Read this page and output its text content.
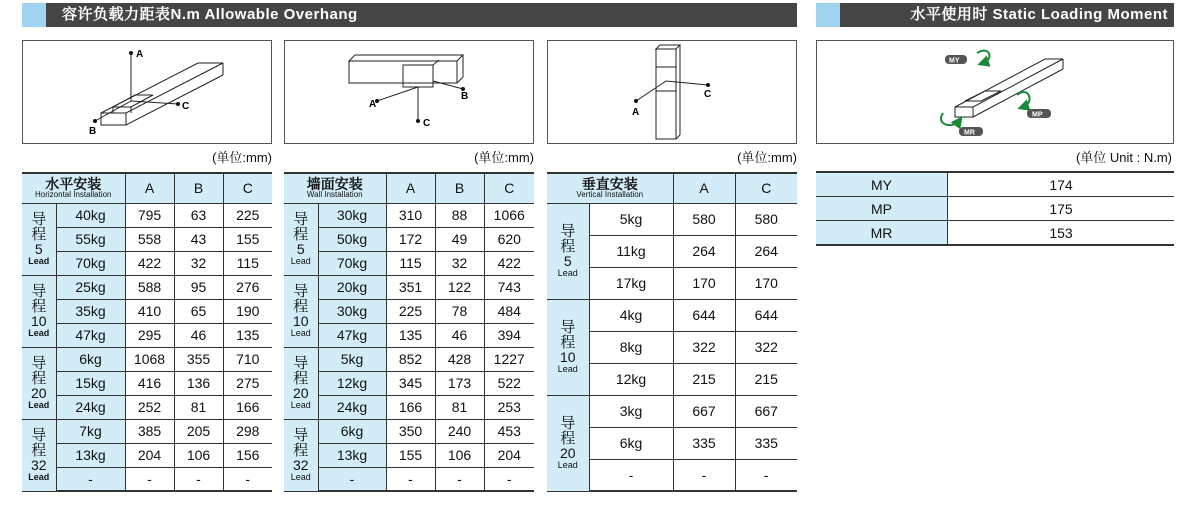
容许负载力距表N.m Allowable Overhang	水平使用时 Static Loading Moment
A
C
B
(单位:mm)
A
C
B
(单位:mm)
C
A
(单位:mm)
MY
MP
MR
(单位 Unit : N.m)
水平安装
Horizontal Installation		A	B	C

导
程
5
Lead	40kg	795	63	225
	55kg	558	43	155
	70kg	422	32	115

导
程
10
Lead	25kg	588	95	276
	35kg	410	65	190
	47kg	295	46	135

导
程
20
Lead	6kg	1068	355	710
	15kg	416	136	275
	24kg	252	81	166

导
程
32
Lead	7kg	385	205	298
	13kg	204	106	156
	-	-	-	-
墙面安装
Wall Installation		A	B	C

导
程
5
Lead	30kg	310	88	1066
	50kg	172	49	620
	70kg	115	32	422

导
程
10
Lead	20kg	351	122	743
	30kg	225	78	484
	47kg	135	46	394

导
程
20
Lead	5kg	852	428	1227
	12kg	345	173	522
	24kg	166	81	253

导
程
32
Lead	6kg	350	240	453
	13kg	155	106	204
	-	-	-	-
垂直安装
Vertical Installation		A	C

导
程
5
Lead	5kg	580	580
	11kg	264	264
	17kg	170	170

导
程
10
Lead	4kg	644	644
	8kg	322	322
	12kg	215	215

导
程
20
Lead	3kg	667	667
	6kg	335	335
	-	-	-
MY	174
MP	175
MR	153
